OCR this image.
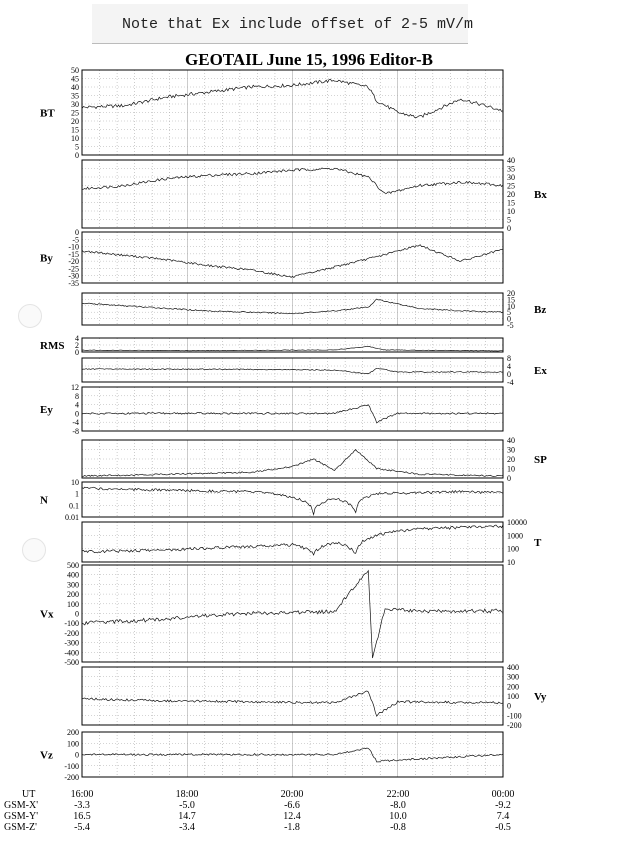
Note that Ex include offset of 2-5 mV/m
GEOTAIL June 15, 1996 Editor-B
0
5
10
15
20
25
30
35
40
45
50
BT
0
5
10
15
20
25
30
35
40
Bx
-35
-30
-25
-20
-15
-10
-5
0
By
-5
0
5
10
15
20
Bz
0
2
4
RMS
-4
0
4
8
Ex
-8
-4
0
4
8
12
Ey
0
10
20
30
40
SP
0.01
0.1
1
10
N
10
100
1000
10000
T
-500
-400
-300
-200
-100
0
100
200
300
400
500
Vx
-200
-100
0
100
200
300
400
Vy
-200
-100
0
100
200
Vz
UT	16:00	18:00	20:00	22:00	00:00
GSM-X'	-3.3	-5.0	-6.6	-8.0	-9.2
GSM-Y'	16.5	14.7	12.4	10.0	7.4
GSM-Z'	-5.4	-3.4	-1.8	-0.8	-0.5
